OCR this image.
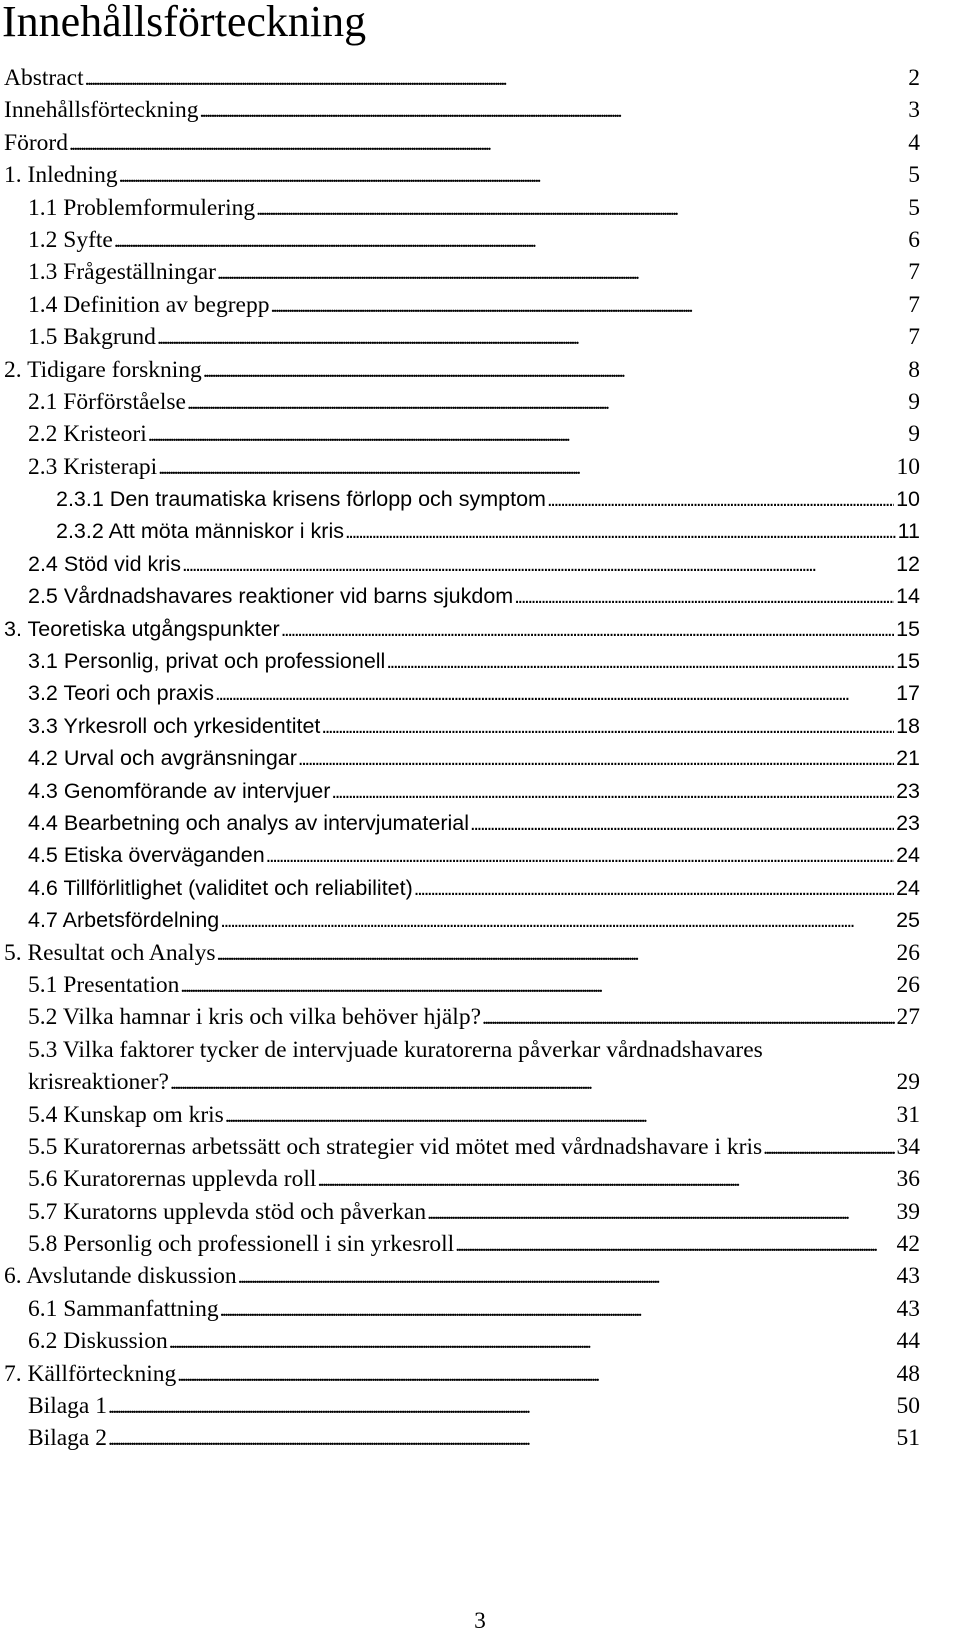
Innehållsförteckning
Abstract . . .	2
Innehållsförteckning . . .	3
Förord . . .	4
1. Inledning . . .	5
1.1 Problemformulering . . .	5
1.2 Syfte . . .	6
1.3 Frågeställningar . . .	7
1.4 Definition av begrepp . . .	7
1.5 Bakgrund . . .	7
2. Tidigare forskning . . .	8
2.1 Förförståelse . . .	9
2.2 Kristeori . . .	9
2.3 Kristerapi . . .	10
2.3.1 Den traumatiska krisens förlopp och symptom . . .	10
2.3.2 Att möta människor i kris . . .	11
2.4 Stöd vid kris . . .	12
2.5 Vårdnadshavares reaktioner vid barns sjukdom . . .	14
3. Teoretiska utgångspunkter . . .	15
3.1 Personlig, privat och professionell . . .	15
3.2 Teori och praxis . . .	17
3.3 Yrkesroll och yrkesidentitet . . .	18
4.2 Urval och avgränsningar . . .	21
4.3 Genomförande av intervjuer . . .	23
4.4 Bearbetning och analys av intervjumaterial . . .	23
4.5 Etiska överväganden . . .	24
4.6 Tillförlitlighet (validitet och reliabilitet) . . .	24
4.7 Arbetsfördelning . . .	25
5. Resultat och Analys . . .	26
5.1 Presentation . . .	26
5.2 Vilka hamnar i kris och vilka behöver hjälp? . . .	27
5.3 Vilka faktorer tycker de intervjuade kuratorerna påverkar vårdnadshavares
krisreaktioner? . . .	29
5.4 Kunskap om kris . . .	31
5.5 Kuratorernas arbetssätt och strategier vid mötet med vårdnadshavare i kris . . .	34
5.6 Kuratorernas upplevda roll . . .	36
5.7 Kuratorns upplevda stöd och påverkan . . .	39
5.8 Personlig och professionell i sin yrkesroll . . .	42
6. Avslutande diskussion . . .	43
6.1 Sammanfattning . . .	43
6.2 Diskussion . . .	44
7. Källförteckning . . .	48
Bilaga 1 . . .	50
Bilaga 2 . . .	51
3
